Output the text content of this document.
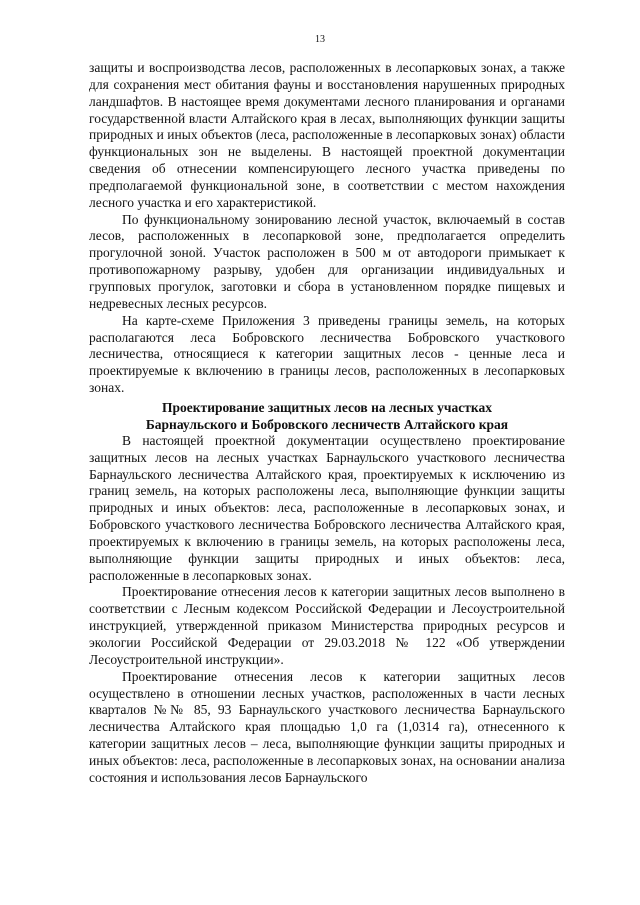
13

защиты и воспроизводства лесов, расположенных в лесопарковых зонах, а также для сохранения мест обитания фауны и восстановления нарушенных природных ландшафтов. В настоящее время документами лесного планирования и органами государственной власти Алтайского края в лесах, выполняющих функции защиты природных и иных объектов (леса, расположенные в лесопарковых зонах) области функциональных зон не выделены. В настоящей проектной документации сведения об отнесении компенсирующего лесного участка приведены по предполагаемой функциональной зоне, в соответствии с местом нахождения лесного участка и его характеристикой.

По функциональному зонированию лесной участок, включаемый в состав лесов, расположенных в лесопарковой зоне, предполагается определить прогулочной зоной. Участок расположен в 500 м от автодороги примыкает к противопожарному разрыву, удобен для организации индивидуальных и групповых прогулок, заготовки и сбора в установленном порядке пищевых и недревесных лесных ресурсов.

На карте-схеме Приложения 3 приведены границы земель, на которых располагаются леса Бобровского лесничества Бобровского участкового лесничества, относящиеся к категории защитных лесов - ценные леса и проектируемые к включению в границы лесов, расположенных в лесопарковых зонах.

Проектирование защитных лесов на лесных участках
Барнаульского и Бобровского лесничеств Алтайского края

В настоящей проектной документации осуществлено проектирование защитных лесов на лесных участках Барнаульского участкового лесничества Барнаульского лесничества Алтайского края, проектируемых к исключению из границ земель, на которых расположены леса, выполняющие функции защиты природных и иных объектов: леса, расположенные в лесопарковых зонах, и Бобровского участкового лесничества Бобровского лесничества Алтайского края, проектируемых к включению в границы земель, на которых расположены леса, выполняющие функции защиты природных и иных объектов: леса, расположенные в лесопарковых зонах.

Проектирование отнесения лесов к категории защитных лесов выполнено в соответствии с Лесным кодексом Российской Федерации и Лесоустроительной инструкцией, утвержденной приказом Министерства природных ресурсов и экологии Российской Федерации от 29.03.2018 № 122 «Об утверждении Лесоустроительной инструкции».

Проектирование отнесения лесов к категории защитных лесов осуществлено в отношении лесных участков, расположенных в части лесных кварталов №№ 85, 93 Барнаульского участкового лесничества Барнаульского лесничества Алтайского края площадью 1,0 га (1,0314 га), отнесенного к категории защитных лесов – леса, выполняющие функции защиты природных и иных объектов: леса, расположенные в лесопарковых зонах, на основании анализа состояния и использования лесов Барнаульского
